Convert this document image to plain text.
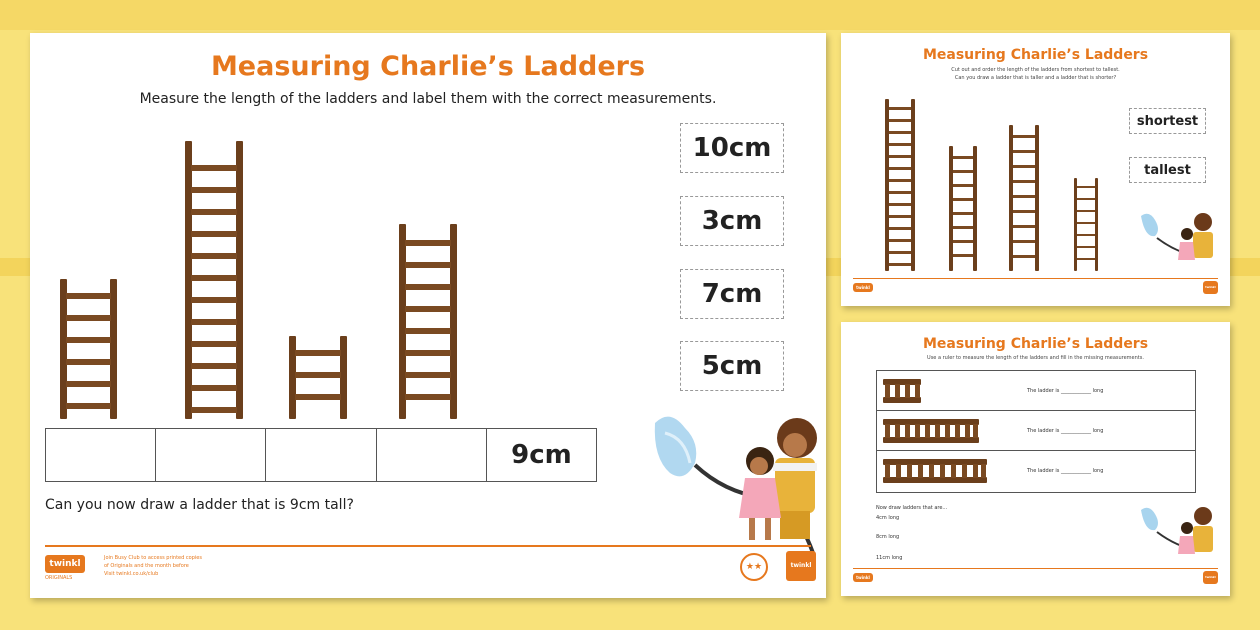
Measuring Charlie’s Ladders
Measure the length of the ladders and label them with the correct measurements.
9cm
10cm
3cm
7cm
5cm
Can you now draw a ladder that is 9cm tall?
twinkl
ORIGINALS
Join Busy Club to access printed copies
of Originals and the month before
Visit twinkl.co.uk/club
★★	twinkl
Measuring Charlie’s Ladders
Cut out and order the length of the ladders from shortest to tallest.
Can you draw a ladder that is taller and a ladder that is shorter?
shortest
tallest
twinkl	twinkl
Measuring Charlie’s Ladders
Use a ruler to measure the length of the ladders and fill in the missing measurements.
The ladder is ____________ long
The ladder is ____________ long
The ladder is ____________ long
Now draw ladders that are...
4cm long
8cm long
11cm long
twinkl	twinkl
